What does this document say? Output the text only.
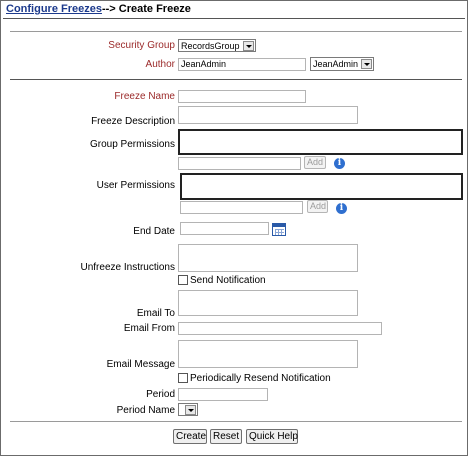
Configure Freezes--> Create Freeze
Security Group RecordsGroup
Author JeanAdmin	JeanAdmin
Freeze Name
Freeze Description
Group Permissions
Add	i
User Permissions
Add	i
End Date
Unfreeze Instructions
Send Notification
Email To
Email From
Email Message
Periodically Resend Notification
Period
Period Name
Create Reset Quick Help
